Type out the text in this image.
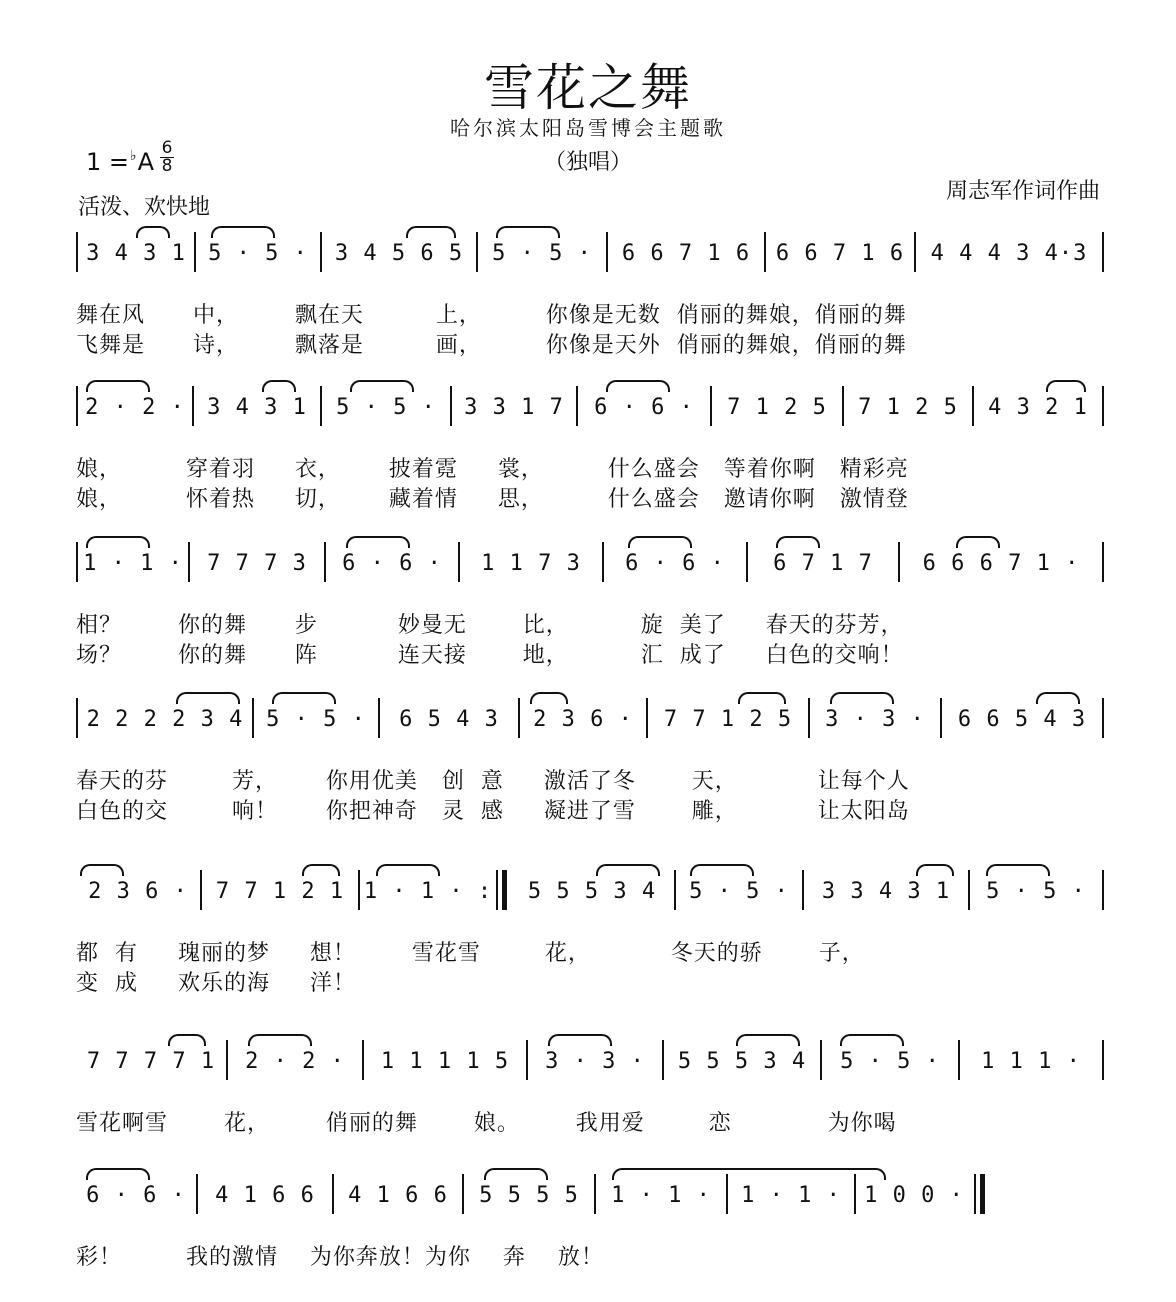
雪花之舞
哈尔滨太阳岛雪博会主题歌
（独唱）
1 =♭A 6
8
活泼、欢快地
周志军作词作曲
3 4 3 1 5 · 5 · 3 4 5 6 5 5 · 5 · 6 6 7 1 6 6 6 7 1 6 4 4 4 3 4·3
舞在风      中，       飘在天         上，        你像是无数  俏丽的舞娘，俏丽的舞
飞舞是      诗，       飘落是         画，        你像是天外  俏丽的舞娘，俏丽的舞
2 · 2 · 3 4 3 1 5 · 5 · 3 3 1 7 6 · 6 · 7 1 2 5 7 1 2 5 4 3 2 1
娘，        穿着羽     衣，      披着霓     裳，        什么盛会   等着你啊   精彩亮
娘，        怀着热     切，      藏着情     思，        什么盛会   邀请你啊   激情登
1 · 1 · 7 7 7 3 6 · 6 · 1 1 7 3 6 · 6 · 6 7 1 7 6 6 6 7 1 ·
相？       你的舞      步          妙曼无       比，         旋  美了     春天的芬芳，
场？       你的舞      阵          连天接       地，         汇  成了     白色的交响！
2 2 2 2 3 4 5 · 5 · 6 5 4 3 2 3 6 · 7 7 1 2 5 3 · 3 · 6 6 5 4 3
春天的芬        芳，      你用优美   创  意     激活了冬       天，          让每个人
白色的交        响！      你把神奇   灵  感     凝进了雪       雕，          让太阳岛
2 3 6 · 7 7 1 2 1 1 · 1 · : 5 5 5 3 4 5 · 5 · 3 3 4 3 1 5 · 5 ·
都  有     瑰丽的梦     想！       雪花雪        花，          冬天的骄       子，
变  成     欢乐的海     洋！
7 7 7 7 1 2 · 2 · 1 1 1 1 5 3 · 3 · 5 5 5 3 4 5 · 5 · 1 1 1 ·
雪花啊雪       花，       俏丽的舞       娘。       我用爱        恋            为你喝
6 · 6 · 4 1 6 6 4 1 6 6 5 5 5 5 1 · 1 · 1 · 1 · 1 0 0 ·
彩！        我的激情    为你奔放！为你    奔    放！
